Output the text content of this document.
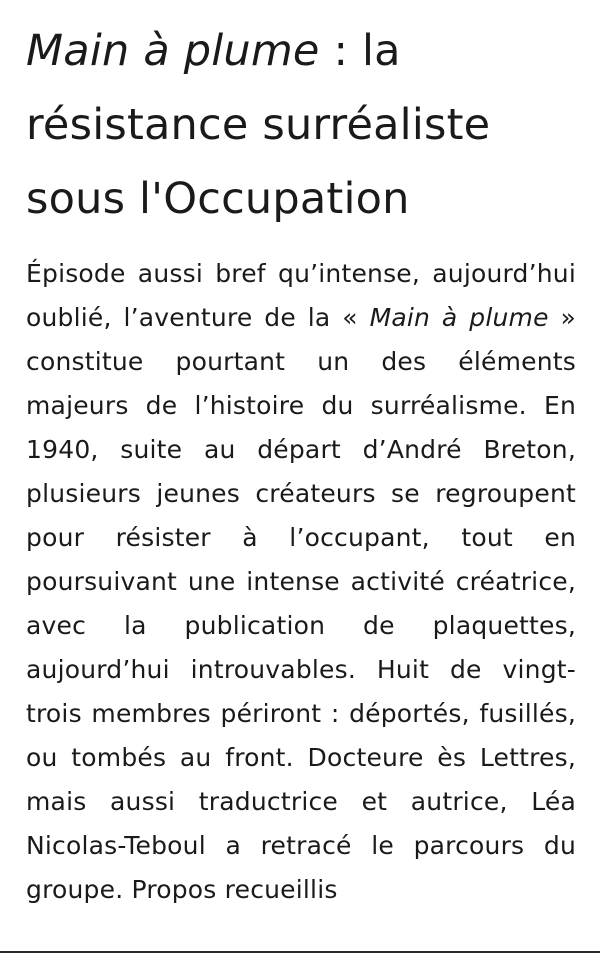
Main à plume : la résistance surréaliste sous l'Occupation

Épisode aussi bref qu’intense, aujourd’hui oublié, l’aventure de la « Main à plume » constitue pourtant un des éléments majeurs de l’histoire du surréalisme. En 1940, suite au départ d’André Breton, plusieurs jeunes créateurs se regroupent pour résister à l’occupant, tout en poursuivant une intense activité créatrice, avec la publication de plaquettes, aujourd’hui introuvables. Huit de vingt-trois membres périront : déportés, fusillés, ou tombés au front. Docteure ès Lettres, mais aussi traductrice et autrice, Léa Nicolas-Teboul a retracé le parcours du groupe. Propos recueillis
